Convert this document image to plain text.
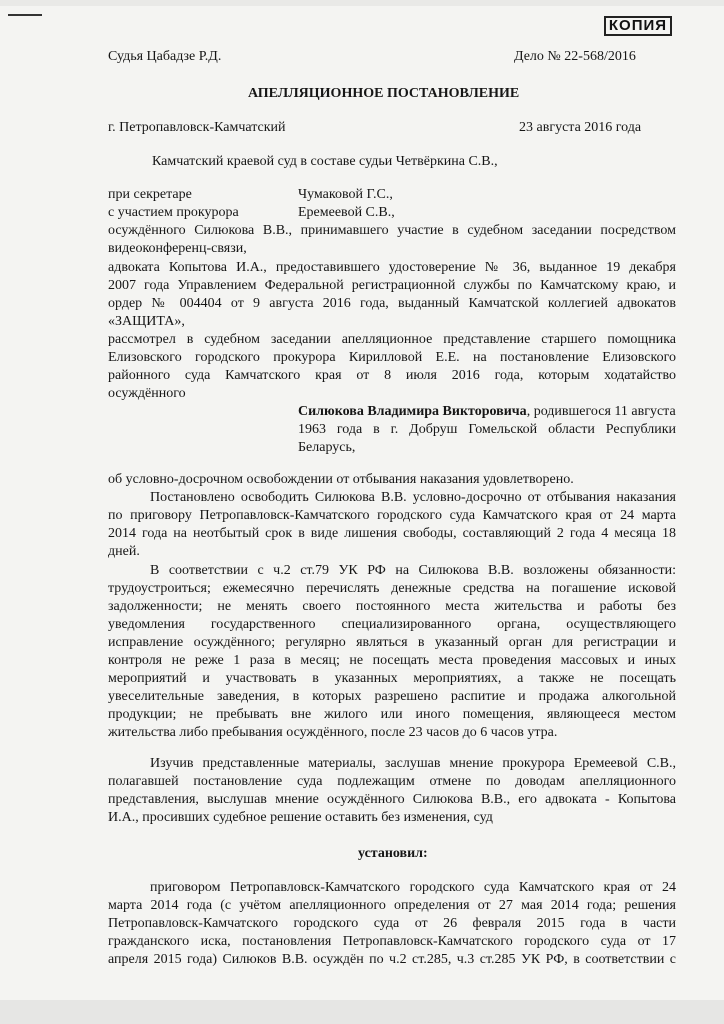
КОПИЯ
Судья Цабадзе Р.Д.	Дело № 22-568/2016
АПЕЛЛЯЦИОННОЕ ПОСТАНОВЛЕНИЕ
г. Петропавловск-Камчатский	23 августа 2016 года
Камчатский краевой суд в составе судьи Четвёркина С.В.,
при секретаре	Чумаковой Г.С.,
с участием прокурора	Еремеевой С.В.,
осуждённого Силюкова В.В., принимавшего участие в судебном заседании посредством
видеоконференц-связи,
адвоката Копытова И.А., предоставившего удостоверение № 36, выданное 19 декабря
2007 года Управлением Федеральной регистрационной службы по Камчатскому краю, и
ордер № 004404 от 9 августа 2016 года, выданный Камчатской коллегией адвокатов
«ЗАЩИТА»,
рассмотрел в судебном заседании апелляционное представление старшего помощника
Елизовского городского прокурора Кирилловой Е.Е. на постановление Елизовского
районного суда Камчатского края от 8 июля 2016 года, которым ходатайство
осуждённого
Силюкова Владимира Викторовича, родившегося 11 августа
1963 года в г. Добруш Гомельской области Республики
Беларусь,
об условно-досрочном освобождении от отбывания наказания удовлетворено.
Постановлено освободить Силюкова В.В. условно-досрочно от отбывания наказания
по приговору Петропавловск-Камчатского городского суда Камчатского края от 24 марта
2014 года на неотбытый срок в виде лишения свободы, составляющий 2 года 4 месяца 18
дней.
В соответствии с ч.2 ст.79 УК РФ на Силюкова В.В. возложены обязанности:
трудоустроиться; ежемесячно перечислять денежные средства на погашение исковой
задолженности; не менять своего постоянного места жительства и работы без
уведомления государственного специализированного органа, осуществляющего
исправление осуждённого; регулярно являться в указанный орган для регистрации и
контроля не реже 1 раза в месяц; не посещать места проведения массовых и иных
мероприятий и участвовать в указанных мероприятиях, а также не посещать
увеселительные заведения, в которых разрешено распитие и продажа алкогольной
продукции; не пребывать вне жилого или иного помещения, являющееся местом
жительства либо пребывания осуждённого, после 23 часов до 6 часов утра.
Изучив представленные материалы, заслушав мнение прокурора Еремеевой С.В.,
полагавшей постановление суда подлежащим отмене по доводам апелляционного
представления, выслушав мнение осуждённого Силюкова В.В., его адвоката - Копытова
И.А., просивших судебное решение оставить без изменения, суд
установил:
приговором Петропавловск-Камчатского городского суда Камчатского края от 24
марта 2014 года (с учётом апелляционного определения от 27 мая 2014 года; решения
Петропавловск-Камчатского городского суда от 26 февраля 2015 года в части
гражданского иска, постановления Петропавловск-Камчатского городского суда от 17
апреля 2015 года) Силюков В.В. осуждён по ч.2 ст.285, ч.3 ст.285 УК РФ, в соответствии с
